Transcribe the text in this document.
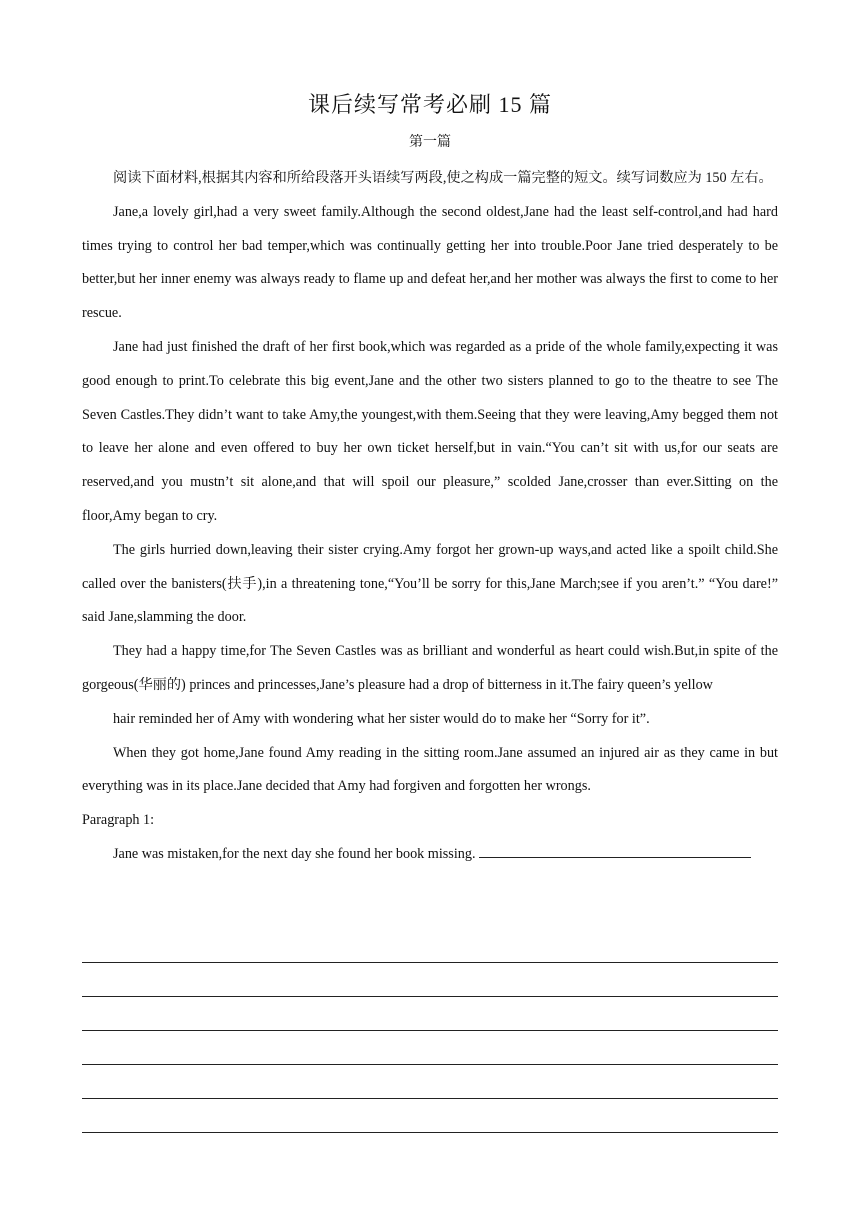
课后续写常考必刷 15 篇
第一篇

阅读下面材料,根据其内容和所给段落开头语续写两段,使之构成一篇完整的短文。续写词数应为 150 左右。

Jane,a lovely girl,had a very sweet family.Although the second oldest,Jane had the least self-control,and had hard times trying to control her bad temper,which was continually getting her into trouble.Poor Jane tried desperately to be better,but her inner enemy was always ready to flame up and defeat her,and her mother was always the first to come to her rescue.

Jane had just finished the draft of her first book,which was regarded as a pride of the whole family,expecting it was good enough to print.To celebrate this big event,Jane and the other two sisters planned to go to the theatre to see The Seven Castles.They didn’t want to take Amy,the youngest,with them.Seeing that they were leaving,Amy begged them not to leave her alone and even offered to buy her own ticket herself,but in vain.“You can’t sit with us,for our seats are reserved,and you mustn’t sit alone,and that will spoil our pleasure,” scolded Jane,crosser than ever.Sitting on the floor,Amy began to cry.

The girls hurried down,leaving their sister crying.Amy forgot her grown-up ways,and acted like a spoilt child.She called over the banisters(扶手),in a threatening tone,“You’ll be sorry for this,Jane March;see if you aren’t.” “You dare!” said Jane,slamming the door.

They had a happy time,for The Seven Castles was as brilliant and wonderful as heart could wish.But,in spite of the gorgeous(华丽的) princes and princesses,Jane’s pleasure had a drop of bitterness in it.The fairy queen’s yellow

hair reminded her of Amy with wondering what her sister would do to make her “Sorry for it”.

When they got home,Jane found Amy reading in the sitting room.Jane assumed an injured air as they came in but everything was in its place.Jane decided that Amy had forgiven and forgotten her wrongs.

Paragraph 1:

Jane was mistaken,for the next day she found her book missing.
